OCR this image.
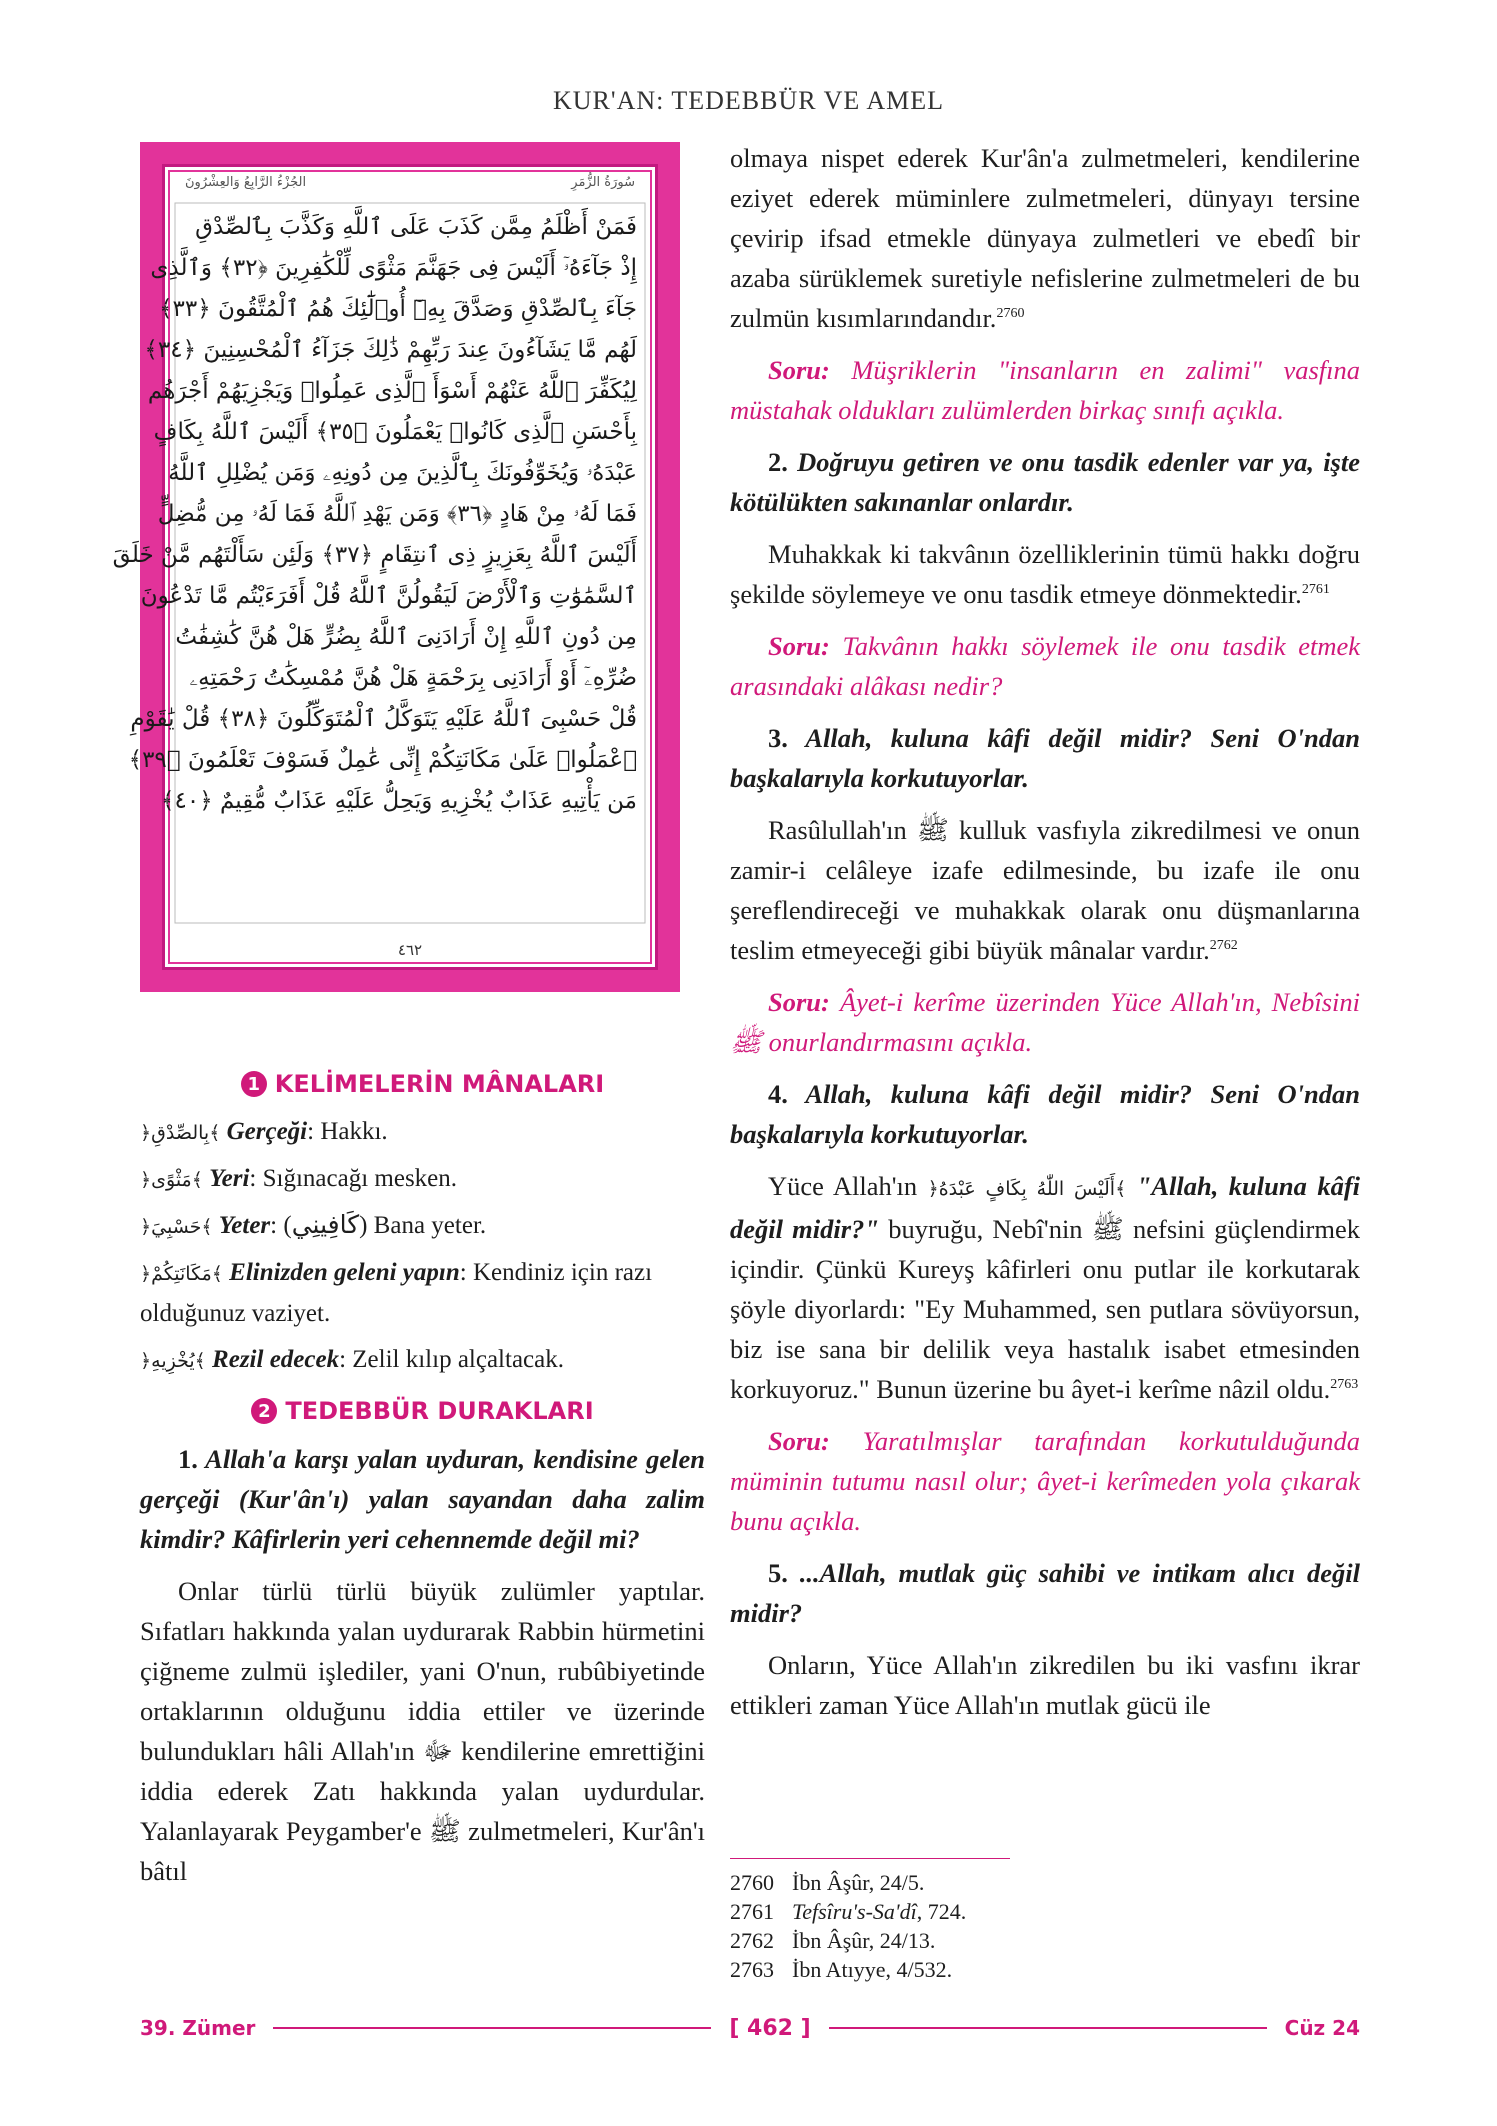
KUR'AN: TEDEBBÜR VE AMEL
الجُزْءُ الرَّابِعُ وَالعِشْرُونَ	سُورَةُ الزُّمَرِ
فَمَنْ أَظْلَمُ مِمَّن كَذَبَ عَلَى ٱللَّهِ وَكَذَّبَ بِٱلصِّدْقِ
إِذْ جَآءَهُۥٓ أَلَيْسَ فِى جَهَنَّمَ مَثْوًى لِّلْكَٰفِرِينَ ﴿٣٢﴾ وَٱلَّذِى
جَآءَ بِٱلصِّدْقِ وَصَدَّقَ بِهِۦٓ أُو۟لَٰٓئِكَ هُمُ ٱلْمُتَّقُونَ ﴿٣٣﴾
لَهُم مَّا يَشَآءُونَ عِندَ رَبِّهِمْ ذَٰلِكَ جَزَآءُ ٱلْمُحْسِنِينَ ﴿٣٤﴾
لِيُكَفِّرَ ٱللَّهُ عَنْهُمْ أَسْوَأَ ٱلَّذِى عَمِلُوا۟ وَيَجْزِيَهُمْ أَجْرَهُم
بِأَحْسَنِ ٱلَّذِى كَانُوا۟ يَعْمَلُونَ ﴿٣٥﴾ أَلَيْسَ ٱللَّهُ بِكَافٍ
عَبْدَهُۥ وَيُخَوِّفُونَكَ بِٱلَّذِينَ مِن دُونِهِۦ وَمَن يُضْلِلِ ٱللَّهُ
فَمَا لَهُۥ مِنْ هَادٍ ﴿٣٦﴾ وَمَن يَهْدِ ٱللَّهُ فَمَا لَهُۥ مِن مُّضِلٍّ
أَلَيْسَ ٱللَّهُ بِعَزِيزٍ ذِى ٱنتِقَامٍ ﴿٣٧﴾ وَلَئِن سَأَلْتَهُم مَّنْ خَلَقَ
ٱلسَّمَٰوَٰتِ وَٱلْأَرْضَ لَيَقُولُنَّ ٱللَّهُ قُلْ أَفَرَءَيْتُم مَّا تَدْعُونَ
مِن دُونِ ٱللَّهِ إِنْ أَرَادَنِىَ ٱللَّهُ بِضُرٍّ هَلْ هُنَّ كَٰشِفَٰتُ
ضُرِّهِۦٓ أَوْ أَرَادَنِى بِرَحْمَةٍ هَلْ هُنَّ مُمْسِكَٰتُ رَحْمَتِهِۦ
قُلْ حَسْبِىَ ٱللَّهُ عَلَيْهِ يَتَوَكَّلُ ٱلْمُتَوَكِّلُونَ ﴿٣٨﴾ قُلْ يَٰقَوْمِ
ٱعْمَلُوا۟ عَلَىٰ مَكَانَتِكُمْ إِنِّى عَٰمِلٌ فَسَوْفَ تَعْلَمُونَ ﴿٣٩﴾
مَن يَأْتِيهِ عَذَابٌ يُخْزِيهِ وَيَحِلُّ عَلَيْهِ عَذَابٌ مُّقِيمٌ ﴿٤٠﴾
٤٦٢
1 KELİMELERİN MÂNALARI
﴿بِالصِّدْقِ﴾ Gerçeği: Hakkı.
﴿مَثْوًى﴾ Yeri: Sığınacağı mesken.
﴿حَسْبِيَ﴾ Yeter: (كَافِينِي) Bana yeter.
﴿مَكَانَتِكُمْ﴾ Elinizden geleni yapın: Kendiniz için razı olduğunuz vaziyet.
﴿يُخْزِيهِ﴾ Rezil edecek: Zelil kılıp alçaltacak.
2 TEDEBBÜR DURAKLARI

1. Allah'a karşı yalan uyduran, kendisine gelen gerçeği (Kur'ân'ı) yalan sayandan daha zalim kimdir? Kâfirlerin yeri cehennemde değil mi?

Onlar türlü türlü büyük zulümler yaptılar. Sıfatları hakkında yalan uydurarak Rabbin hürmetini çiğneme zulmü işlediler, yani O'nun, rubûbiyetinde ortaklarının olduğunu iddia ettiler ve üzerinde bulundukları hâli Allah'ın ﷻ kendilerine emrettiğini iddia ederek Zatı hakkında yalan uydurdular. Yalanlayarak Peygamber'e ﷺ zulmetmeleri, Kur'ân'ı bâtıl

olmaya nispet ederek Kur'ân'a zulmetmeleri, kendilerine eziyet ederek müminlere zulmetmeleri, dünyayı tersine çevirip ifsad etmekle dünyaya zulmetleri ve ebedî bir azaba sürüklemek suretiyle nefislerine zulmetmeleri de bu zulmün kısımlarındandır.$^{2760}$

Soru: Müşriklerin "insanların en zalimi" vasfına müstahak oldukları zulümlerden birkaç sınıfı açıkla.

2. Doğruyu getiren ve onu tasdik edenler var ya, işte kötülükten sakınanlar onlardır.

Muhakkak ki takvânın özelliklerinin tümü hakkı doğru şekilde söylemeye ve onu tasdik etmeye dönmektedir.$^{2761}$

Soru: Takvânın hakkı söylemek ile onu tasdik etmek arasındaki alâkası nedir?

3. Allah, kuluna kâfi değil midir? Seni O'ndan başkalarıyla korkutuyorlar.

Rasûlullah'ın ﷺ kulluk vasfıyla zikredilmesi ve onun zamir-i celâleye izafe edilmesinde, bu izafe ile onu şereflendireceği ve muhakkak olarak onu düşmanlarına teslim etmeyeceği gibi büyük mânalar vardır.$^{2762}$

Soru: Âyet-i kerîme üzerinden Yüce Allah'ın, Nebîsini ﷺ onurlandırmasını açıkla.

4. Allah, kuluna kâfi değil midir? Seni O'ndan başkalarıyla korkutuyorlar.

Yüce Allah'ın ﴿أَلَيْسَ اللّٰهُ بِكَافٍ عَبْدَهُ﴾ "Allah, kuluna kâfi değil midir?" buyruğu, Nebî'nin ﷺ nefsini güçlendirmek içindir. Çünkü Kureyş kâfirleri onu putlar ile korkutarak şöyle diyorlardı: "Ey Muhammed, sen putlara sövüyorsun, biz ise sana bir delilik veya hastalık isabet etmesinden korkuyoruz." Bunun üzerine bu âyet-i kerîme nâzil oldu.$^{2763}$

Soru: Yaratılmışlar tarafından korkutulduğunda müminin tutumu nasıl olur; âyet-i kerîmeden yola çıkarak bunu açıkla.

5. ...Allah, mutlak güç sahibi ve intikam alıcı değil midir?

Onların, Yüce Allah'ın zikredilen bu iki vasfını ikrar ettikleri zaman Yüce Allah'ın mutlak gücü ile

2760 İbn Âşûr, 24/5.
2761 Tefsîru's-Sa'dî, 724.
2762 İbn Âşûr, 24/13.
2763 İbn Atıyye, 4/532.
39. Zümer	[ 462 ]	Cüz 24
